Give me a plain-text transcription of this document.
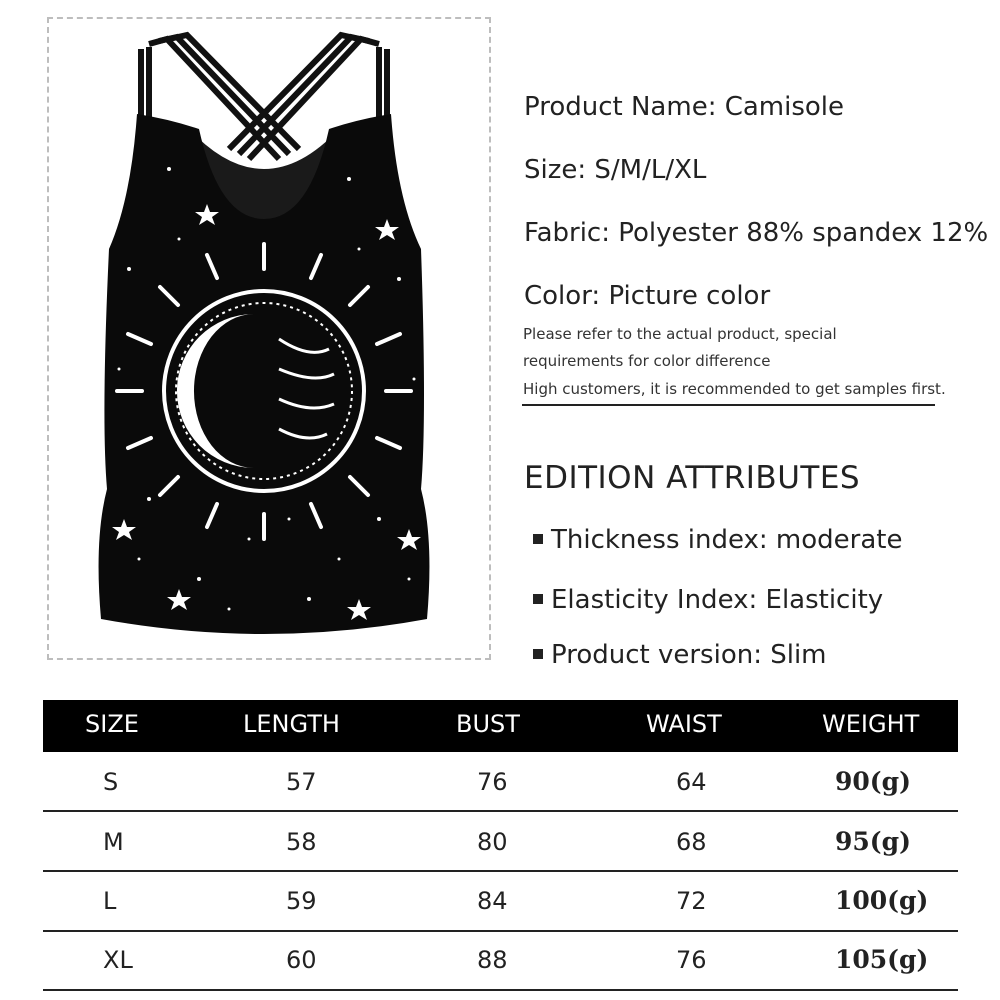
Product Name: Camisole
Size: S/M/L/XL
Fabric: Polyester 88% spandex 12%
Color: Picture color
Please refer to the actual product, special
requirements for color difference
High customers, it is recommended to get samples first.
EDITION ATTRIBUTES
Thickness index: moderate
Elasticity Index: Elasticity
Product version: Slim
SIZE	LENGTH	BUST	WAIST	WEIGHT
S	57	76	64	90(g)
M	58	80	68	95(g)
L	59	84	72	100(g)
XL	60	88	76	105(g)
